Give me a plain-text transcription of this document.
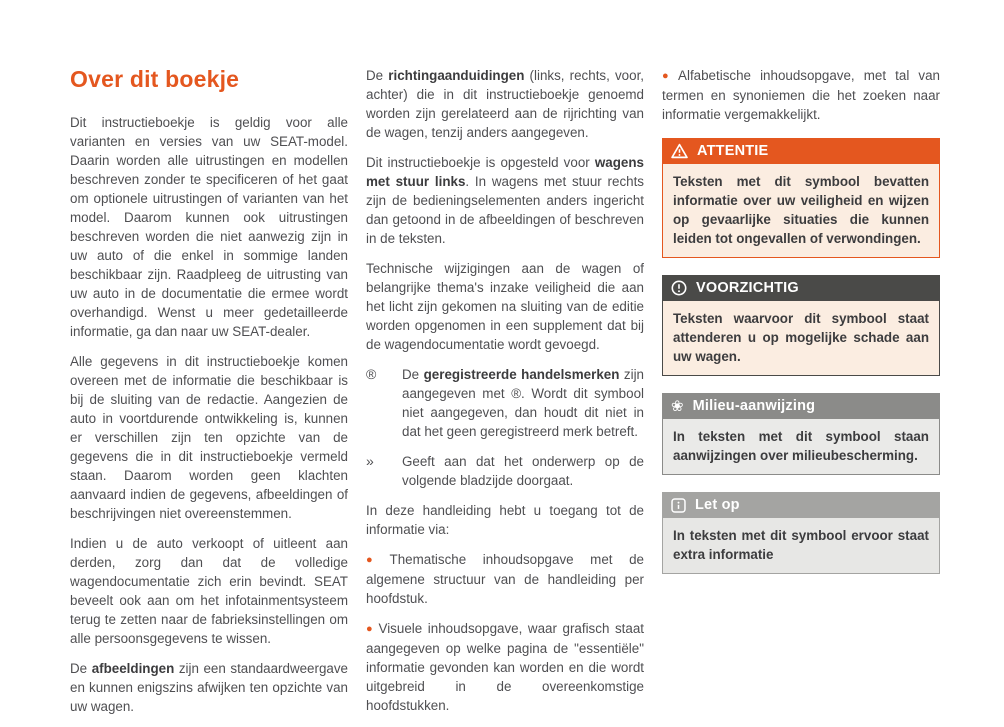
Over dit boekje

Dit instructieboekje is geldig voor alle varianten en versies van uw SEAT-model. Daarin worden alle uitrustingen en modellen beschreven zonder te specificeren of het gaat om optionele uitrustingen of varianten van het model. Daarom kunnen ook uitrustingen beschreven worden die niet aanwezig zijn in uw auto of die enkel in sommige landen beschikbaar zijn. Raadpleeg de uitrusting van uw auto in de documentatie die ermee wordt overhandigd. Wenst u meer gedetailleerde informatie, ga dan naar uw SEAT-dealer.

Alle gegevens in dit instructieboekje komen overeen met de informatie die beschikbaar is bij de sluiting van de redactie. Aangezien de auto in voortdurende ontwikkeling is, kunnen er verschillen zijn ten opzichte van de gegevens die in dit instructieboekje vermeld staan. Daarom worden geen klachten aanvaard indien de gegevens, afbeeldingen of beschrijvingen niet overeenstemmen.

Indien u de auto verkoopt of uitleent aan derden, zorg dan dat de volledige wagendocumentatie zich erin bevindt. SEAT beveelt ook aan om het infotainmentsysteem terug te zetten naar de fabrieksinstellingen om alle persoonsgegevens te wissen.

De afbeeldingen zijn een standaardweergave en kunnen enigszins afwijken ten opzichte van uw wagen.

De richtingaanduidingen (links, rechts, voor, achter) die in dit instructieboekje genoemd worden zijn gerelateerd aan de rijrichting van de wagen, tenzij anders aangegeven.

Dit instructieboekje is opgesteld voor wagens met stuur links. In wagens met stuur rechts zijn de bedieningselementen anders ingericht dan getoond in de afbeeldingen of beschreven in de teksten.

Technische wijzigingen aan de wagen of belangrijke thema's inzake veiligheid die aan het licht zijn gekomen na sluiting van de editie worden opgenomen in een supplement dat bij de wagendocumentatie wordt gevoegd.

®	De geregistreerde handelsmerken zijn aangegeven met ®. Wordt dit symbool niet aangegeven, dan houdt dit niet in dat het geen geregistreerd merk betreft.

»	Geeft aan dat het onderwerp op de volgende bladzijde doorgaat.

In deze handleiding hebt u toegang tot de informatie via:

● Thematische inhoudsopgave met de algemene structuur van de handleiding per hoofdstuk.

● Visuele inhoudsopgave, waar grafisch staat aangegeven op welke pagina de "essentiële" informatie gevonden kan worden en die wordt uitgebreid in de overeenkomstige hoofdstukken.

● Alfabetische inhoudsopgave, met tal van termen en synoniemen die het zoeken naar informatie vergemakkelijkt.

ATTENTIE

Teksten met dit symbool bevatten informatie over uw veiligheid en wijzen op gevaarlijke situaties die kunnen leiden tot ongevallen of verwondingen.

VOORZICHTIG

Teksten waarvoor dit symbool staat attenderen u op mogelijke schade aan uw wagen.

❀ Milieu-aanwijzing

In teksten met dit symbool staan aanwijzingen over milieubescherming.

Let op

In teksten met dit symbool ervoor staat extra informatie
